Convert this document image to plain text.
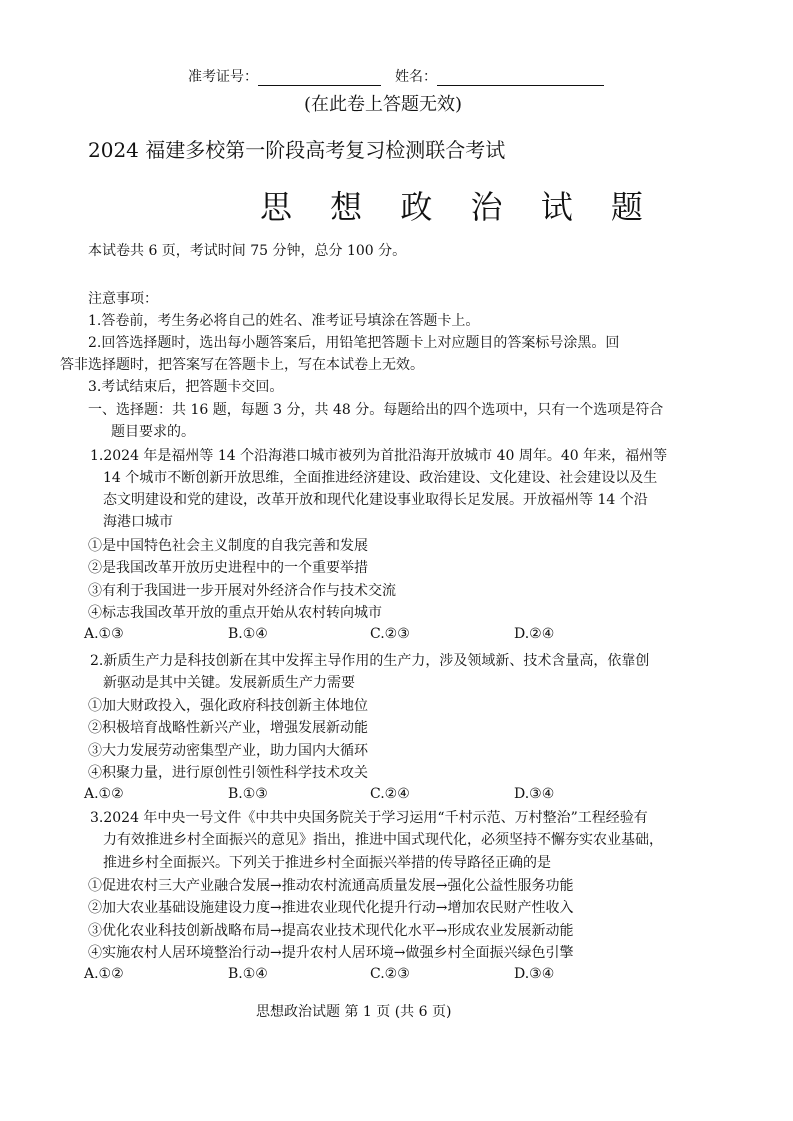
准考证号：	姓名：
(在此卷上答题无效)
2024 福建多校第一阶段高考复习检测联合考试
思 想 政 治 试 题
本试卷共 6 页，考试时间 75 分钟，总分 100 分。
注意事项：
1.答卷前，考生务必将自己的姓名、准考证号填涂在答题卡上。
2.回答选择题时，选出每小题答案后，用铅笔把答题卡上对应题目的答案标号涂黑。回
答非选择题时，把答案写在答题卡上，写在本试卷上无效。
3.考试结束后，把答题卡交回。
一、选择题：共 16 题，每题 3 分，共 48 分。每题给出的四个选项中，只有一个选项是符合
题目要求的。
1.2024 年是福州等 14 个沿海港口城市被列为首批沿海开放城市 40 周年。40 年来，福州等
14 个城市不断创新开放思维，全面推进经济建设、政治建设、文化建设、社会建设以及生
态文明建设和党的建设，改革开放和现代化建设事业取得长足发展。开放福州等 14 个沿
海港口城市
①是中国特色社会主义制度的自我完善和发展
②是我国改革开放历史进程中的一个重要举措
③有利于我国进一步开展对外经济合作与技术交流
④标志我国改革开放的重点开始从农村转向城市
A.①③	B.①④	C.②③	D.②④
2.新质生产力是科技创新在其中发挥主导作用的生产力，涉及领域新、技术含量高，依靠创
新驱动是其中关键。发展新质生产力需要
①加大财政投入，强化政府科技创新主体地位
②积极培育战略性新兴产业，增强发展新动能
③大力发展劳动密集型产业，助力国内大循环
④积聚力量，进行原创性引领性科学技术攻关
A.①②	B.①③	C.②④	D.③④
3.2024 年中央一号文件《中共中央国务院关于学习运用“千村示范、万村整治”工程经验有
力有效推进乡村全面振兴的意见》指出，推进中国式现代化，必须坚持不懈夯实农业基础，
推进乡村全面振兴。下列关于推进乡村全面振兴举措的传导路径正确的是
①促进农村三大产业融合发展→推动农村流通高质量发展→强化公益性服务功能
②加大农业基础设施建设力度→推进农业现代化提升行动→增加农民财产性收入
③优化农业科技创新战略布局→提高农业技术现代化水平→形成农业发展新动能
④实施农村人居环境整治行动→提升农村人居环境→做强乡村全面振兴绿色引擎
A.①②	B.①④	C.②③	D.③④
思想政治试题 第 1 页 (共 6 页)
